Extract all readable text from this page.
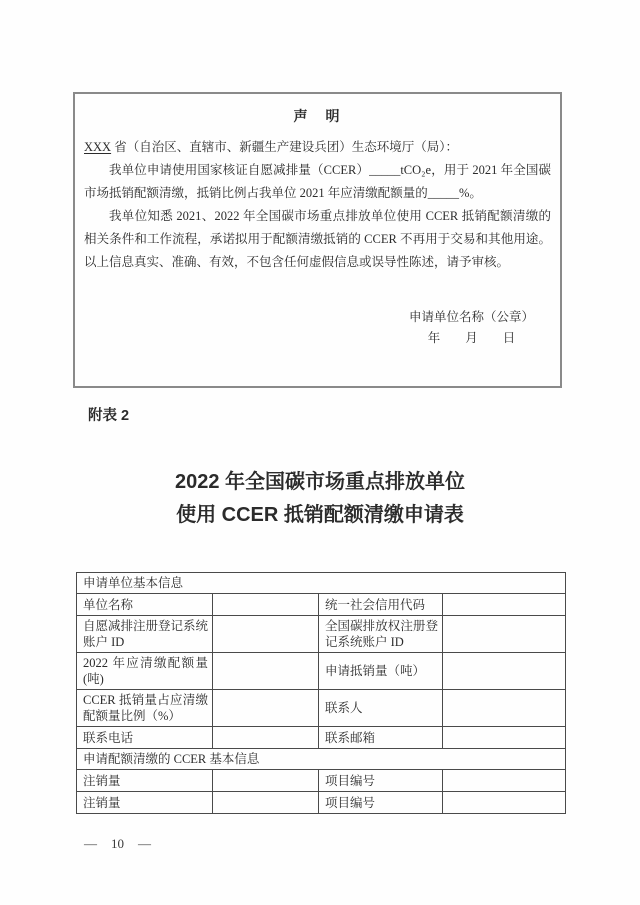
声　明
XXX 省（自治区、直辖市、新疆生产建设兵团）生态环境厅（局）：

我单位申请使用国家核证自愿减排量（CCER）_____tCO₂e，用于 2021 年全国碳市场抵销配额清缴，抵销比例占我单位 2021 年应清缴配额量的_____%。

我单位知悉 2021、2022 年全国碳市场重点排放单位使用 CCER 抵销配额清缴的相关条件和工作流程，承诺拟用于配额清缴抵销的 CCER 不再用于交易和其他用途。以上信息真实、准确、有效，不包含任何虚假信息或误导性陈述，请予审核。

申请单位名称（公章）
年　　月　　日
附表 2
2022 年全国碳市场重点排放单位
使用 CCER 抵销配额清缴申请表
申请单位基本信息			
单位名称		统一社会信用代码	
自愿减排注册登记系统账户 ID		全国碳排放权注册登记系统账户 ID	
2022 年应清缴配额量(吨)		申请抵销量（吨）	
CCER 抵销量占应清缴配额量比例（%）		联系人	
联系电话		联系邮箱	
申请配额清缴的 CCER 基本信息			
注销量		项目编号	
注销量		项目编号	
— 10 —
